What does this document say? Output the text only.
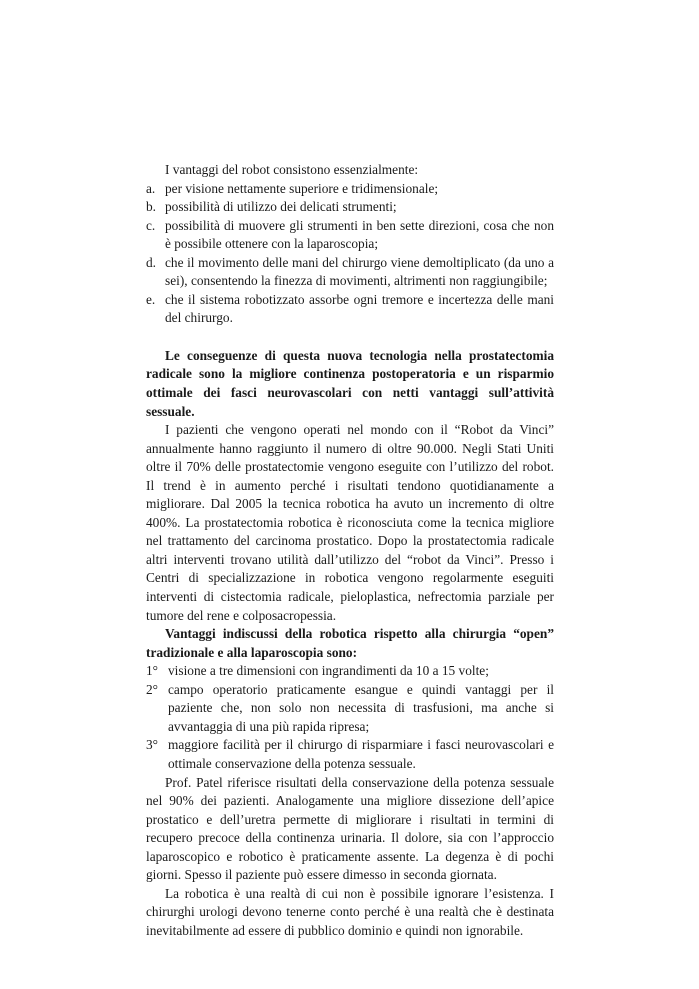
I vantaggi del robot consistono essenzialmente:

a. per visione nettamente superiore e tridimensionale;
b. possibilità di utilizzo dei delicati strumenti;
c. possibilità di muovere gli strumenti in ben sette direzioni, cosa che non è possibile ottenere con la laparoscopia;
d. che il movimento delle mani del chirurgo viene demoltiplicato (da uno a sei), consentendo la finezza di movimenti, altrimenti non raggiungibile;
e. che il sistema robotizzato assorbe ogni tremore e incertezza delle mani del chirurgo.

Le conseguenze di questa nuova tecnologia nella prostatectomia radicale sono la migliore continenza postoperatoria e un risparmio ottimale dei fasci neurovascolari con netti vantaggi sull’attività sessuale.

I pazienti che vengono operati nel mondo con il “Robot da Vinci” annualmente hanno raggiunto il numero di oltre 90.000. Negli Stati Uniti oltre il 70% delle prostatectomie vengono eseguite con l’utilizzo del robot. Il trend è in aumento perché i risultati tendono quotidianamente a migliorare. Dal 2005 la tecnica robotica ha avuto un incremento di oltre 400%. La prostatectomia robotica è riconosciuta come la tecnica migliore nel trattamento del carcinoma prostatico. Dopo la prostatectomia radicale altri interventi trovano utilità dall’utilizzo del “robot da Vinci”. Presso i Centri di specializzazione in robotica vengono regolarmente eseguiti interventi di cistectomia radicale, pieloplastica, nefrectomia parziale per tumore del rene e colposacropessia.

Vantaggi indiscussi della robotica rispetto alla chirurgia “open” tradizionale e alla laparoscopia sono:

1° visione a tre dimensioni con ingrandimenti da 10 a 15 volte;
2° campo operatorio praticamente esangue e quindi vantaggi per il paziente che, non solo non necessita di trasfusioni, ma anche si avvantaggia di una più rapida ripresa;
3° maggiore facilità per il chirurgo di risparmiare i fasci neurovascolari e ottimale conservazione della potenza sessuale.

Prof. Patel riferisce risultati della conservazione della potenza sessuale nel 90% dei pazienti. Analogamente una migliore dissezione dell’apice prostatico e dell’uretra permette di migliorare i risultati in termini di recupero precoce della continenza urinaria. Il dolore, sia con l’approccio laparoscopico e robotico è praticamente assente. La degenza è di pochi giorni. Spesso il paziente può essere dimesso in seconda giornata.

La robotica è una realtà di cui non è possibile ignorare l’esistenza. I chirurghi urologi devono tenerne conto perché è una realtà che è destinata inevitabilmente ad essere di pubblico dominio e quindi non ignorabile.
